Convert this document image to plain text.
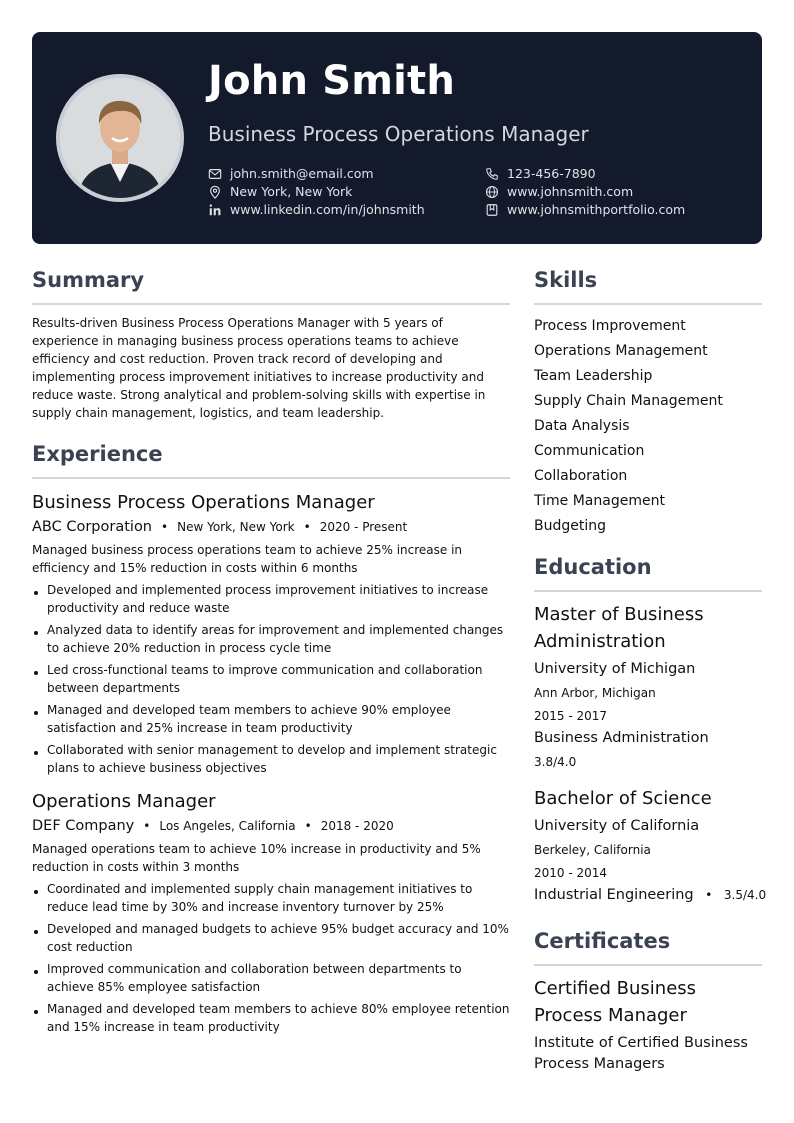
John Smith
Business Process Operations Manager
john.smith@email.com	123-456-7890
New York, New York	www.johnsmith.com
www.linkedin.com/in/johnsmith	www.johnsmithportfolio.com
Summary

Results-driven Business Process Operations Manager with 5 years of experience in managing business process operations teams to achieve efficiency and cost reduction. Proven track record of developing and implementing process improvement initiatives to increase productivity and reduce waste. Strong analytical and problem-solving skills with expertise in supply chain management, logistics, and team leadership.

Experience
Business Process Operations Manager
ABC Corporation • New York, New York • 2020 - Present

Managed business process operations team to achieve 25% increase in efficiency and 15% reduction in costs within 6 months

Developed and implemented process improvement initiatives to increase productivity and reduce waste
Analyzed data to identify areas for improvement and implemented changes to achieve 20% reduction in process cycle time
Led cross-functional teams to improve communication and collaboration between departments
Managed and developed team members to achieve 90% employee satisfaction and 25% increase in team productivity
Collaborated with senior management to develop and implement strategic plans to achieve business objectives
Operations Manager
DEF Company • Los Angeles, California • 2018 - 2020

Managed operations team to achieve 10% increase in productivity and 5% reduction in costs within 3 months

Coordinated and implemented supply chain management initiatives to reduce lead time by 30% and increase inventory turnover by 25%
Developed and managed budgets to achieve 95% budget accuracy and 10% cost reduction
Improved communication and collaboration between departments to achieve 85% employee satisfaction
Managed and developed team members to achieve 80% employee retention and 15% increase in team productivity
Skills
Process Improvement
Operations Management
Team Leadership
Supply Chain Management
Data Analysis
Communication
Collaboration
Time Management
Budgeting
Education
Master of Business Administration
University of Michigan
Ann Arbor, Michigan
2015 - 2017
Business Administration
3.8/4.0
Bachelor of Science
University of California
Berkeley, California
2010 - 2014
Industrial Engineering • 3.5/4.0
Certificates
Certified Business Process Manager
Institute of Certified Business Process Managers
